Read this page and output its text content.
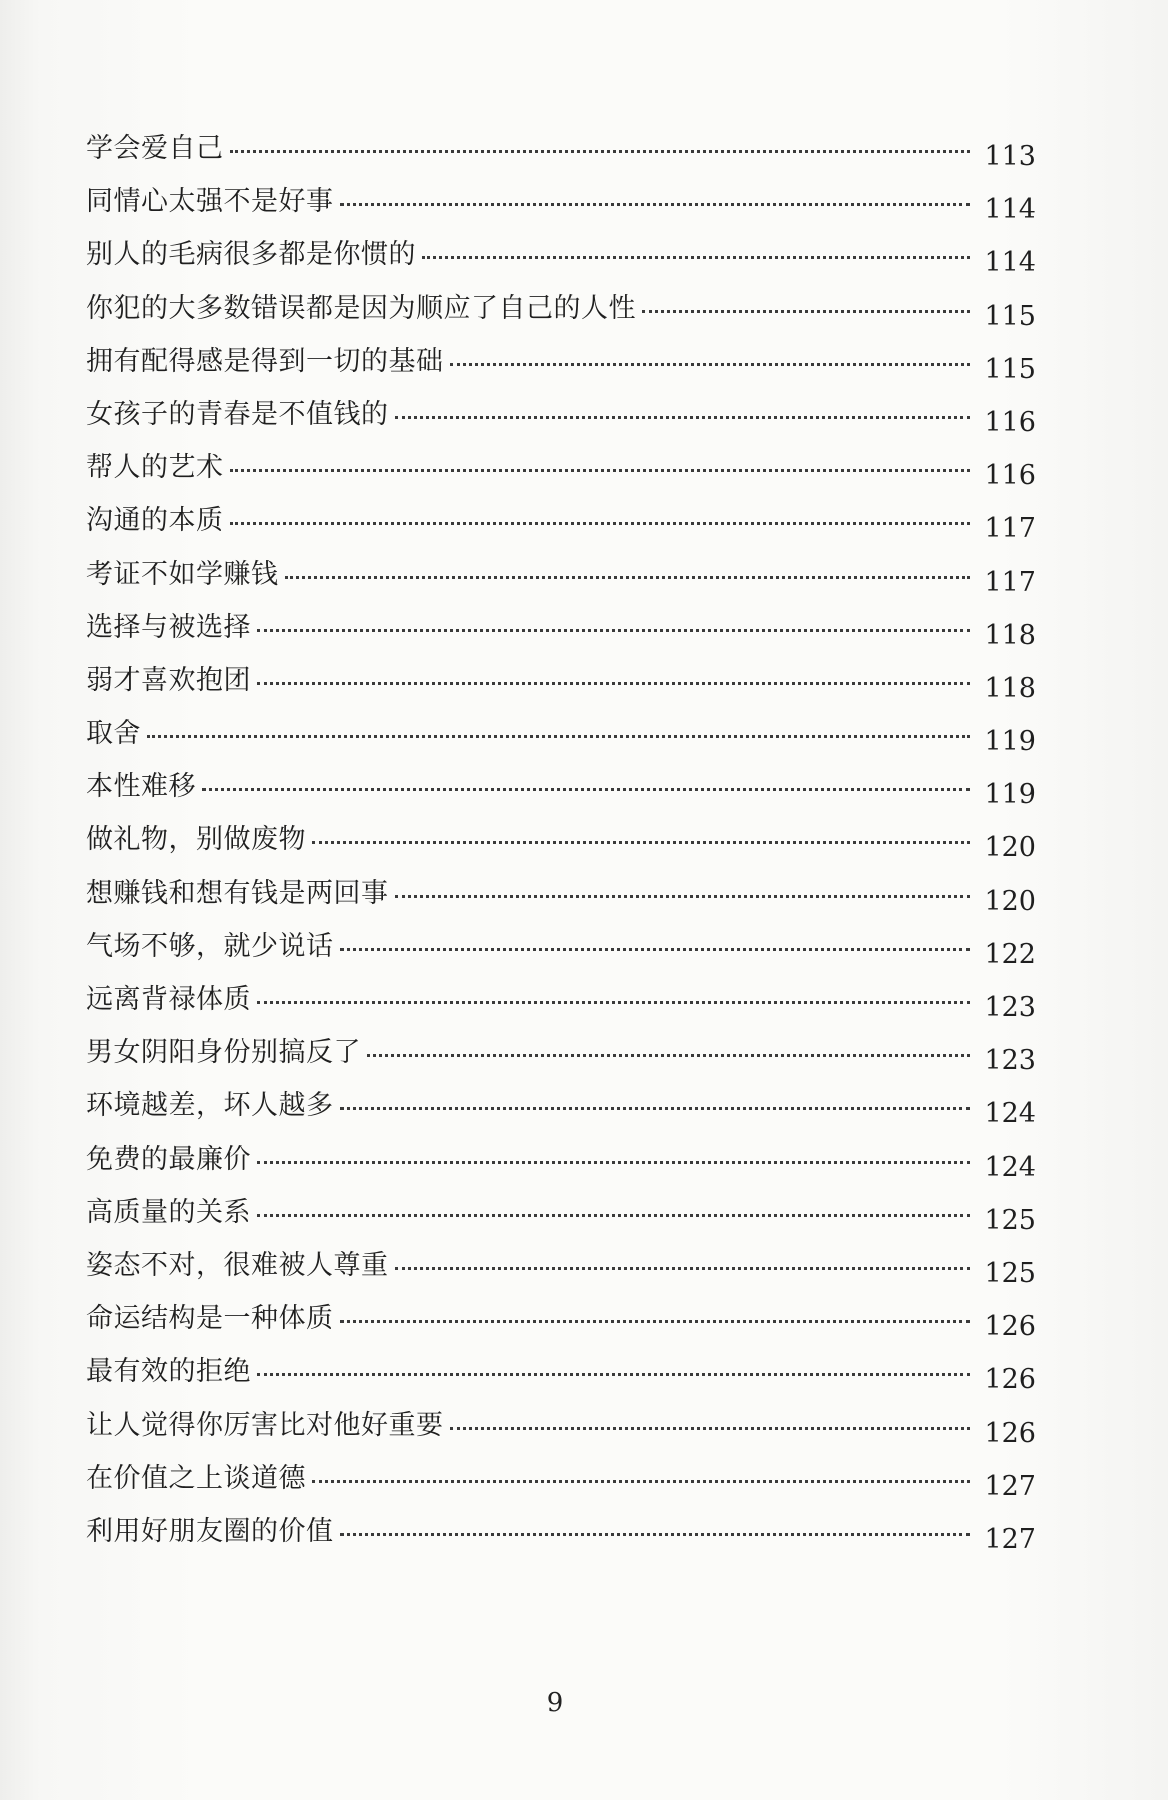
学会爱自己	113
同情心太强不是好事	114
别人的毛病很多都是你惯的	114
你犯的大多数错误都是因为顺应了自己的人性	115
拥有配得感是得到一切的基础	115
女孩子的青春是不值钱的	116
帮人的艺术	116
沟通的本质	117
考证不如学赚钱	117
选择与被选择	118
弱才喜欢抱团	118
取舍	119
本性难移	119
做礼物，别做废物	120
想赚钱和想有钱是两回事	120
气场不够，就少说话	122
远离背禄体质	123
男女阴阳身份别搞反了	123
环境越差，坏人越多	124
免费的最廉价	124
高质量的关系	125
姿态不对，很难被人尊重	125
命运结构是一种体质	126
最有效的拒绝	126
让人觉得你厉害比对他好重要	126
在价值之上谈道德	127
利用好朋友圈的价值	127
9
